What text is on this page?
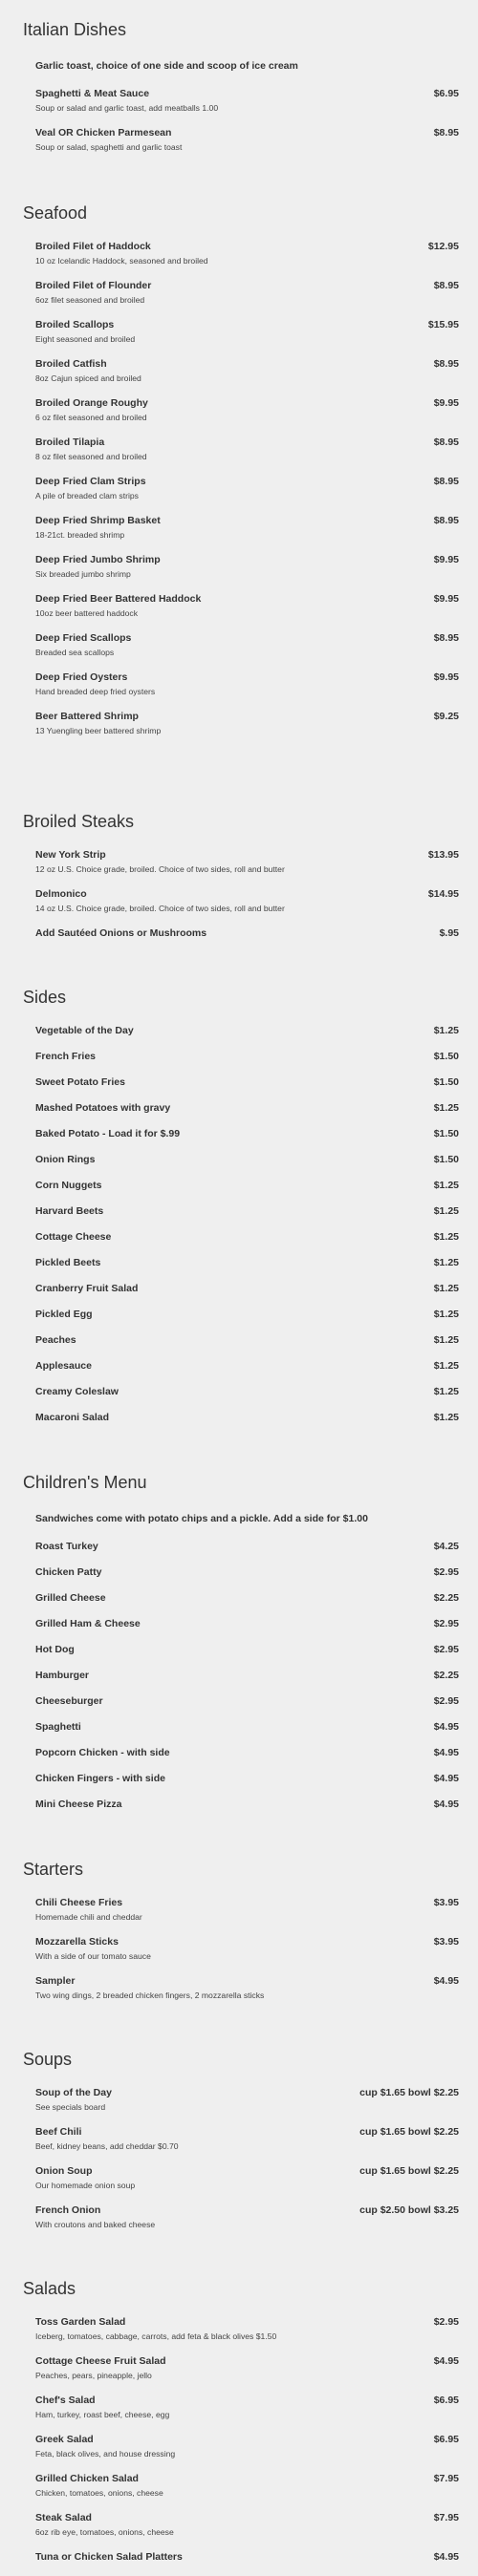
Italian Dishes
Garlic toast, choice of one side and scoop of ice cream
Spaghetti & Meat Sauce	$6.95
Soup or salad and garlic toast, add meatballs 1.00
Veal OR Chicken Parmesean	$8.95
Soup or salad, spaghetti and garlic toast
Seafood
Broiled Filet of Haddock	$12.95
10 oz Icelandic Haddock, seasoned and broiled
Broiled Filet of Flounder	$8.95
6oz filet seasoned and broiled
Broiled Scallops	$15.95
Eight seasoned and broiled
Broiled Catfish	$8.95
8oz Cajun spiced and broiled
Broiled Orange Roughy	$9.95
6 oz filet seasoned and broiled
Broiled Tilapia	$8.95
8 oz filet seasoned and broiled
Deep Fried Clam Strips	$8.95
A pile of breaded clam strips
Deep Fried Shrimp Basket	$8.95
18-21ct. breaded shrimp
Deep Fried Jumbo Shrimp	$9.95
Six breaded jumbo shrimp
Deep Fried Beer Battered Haddock	$9.95
10oz beer battered haddock
Deep Fried Scallops	$8.95
Breaded sea scallops
Deep Fried Oysters	$9.95
Hand breaded deep fried oysters
Beer Battered Shrimp	$9.25
13 Yuengling beer battered shrimp
Broiled Steaks
New York Strip	$13.95
12 oz U.S. Choice grade, broiled. Choice of two sides, roll and butter
Delmonico	$14.95
14 oz U.S. Choice grade, broiled. Choice of two sides, roll and butter
Add Sautéed Onions or Mushrooms	$.95
Sides
Vegetable of the Day	$1.25
French Fries	$1.50
Sweet Potato Fries	$1.50
Mashed Potatoes with gravy	$1.25
Baked Potato - Load it for $.99	$1.50
Onion Rings	$1.50
Corn Nuggets	$1.25
Harvard Beets	$1.25
Cottage Cheese	$1.25
Pickled Beets	$1.25
Cranberry Fruit Salad	$1.25
Pickled Egg	$1.25
Peaches	$1.25
Applesauce	$1.25
Creamy Coleslaw	$1.25
Macaroni Salad	$1.25
Children's Menu
Sandwiches come with potato chips and a pickle. Add a side for $1.00
Roast Turkey	$4.25
Chicken Patty	$2.95
Grilled Cheese	$2.25
Grilled Ham & Cheese	$2.95
Hot Dog	$2.95
Hamburger	$2.25
Cheeseburger	$2.95
Spaghetti	$4.95
Popcorn Chicken - with side	$4.95
Chicken Fingers - with side	$4.95
Mini Cheese Pizza	$4.95
Starters
Chili Cheese Fries	$3.95
Homemade chili and cheddar
Mozzarella Sticks	$3.95
With a side of our tomato sauce
Sampler	$4.95
Two wing dings, 2 breaded chicken fingers, 2 mozzarella sticks
Soups
Soup of the Day	cup $1.65 bowl $2.25
See specials board
Beef Chili	cup $1.65 bowl $2.25
Beef, kidney beans, add cheddar $0.70
Onion Soup	cup $1.65 bowl $2.25
Our homemade onion soup
French Onion	cup $2.50 bowl $3.25
With croutons and baked cheese
Salads
Toss Garden Salad	$2.95
Iceberg, tomatoes, cabbage, carrots, add feta & black olives $1.50
Cottage Cheese Fruit Salad	$4.95
Peaches, pears, pineapple, jello
Chef's Salad	$6.95
Ham, turkey, roast beef, cheese, egg
Greek Salad	$6.95
Feta, black olives, and house dressing
Grilled Chicken Salad	$7.95
Chicken, tomatoes, onions, cheese
Steak Salad	$7.95
6oz rib eye, tomatoes, onions, cheese
Tuna or Chicken Salad Platters	$4.95
